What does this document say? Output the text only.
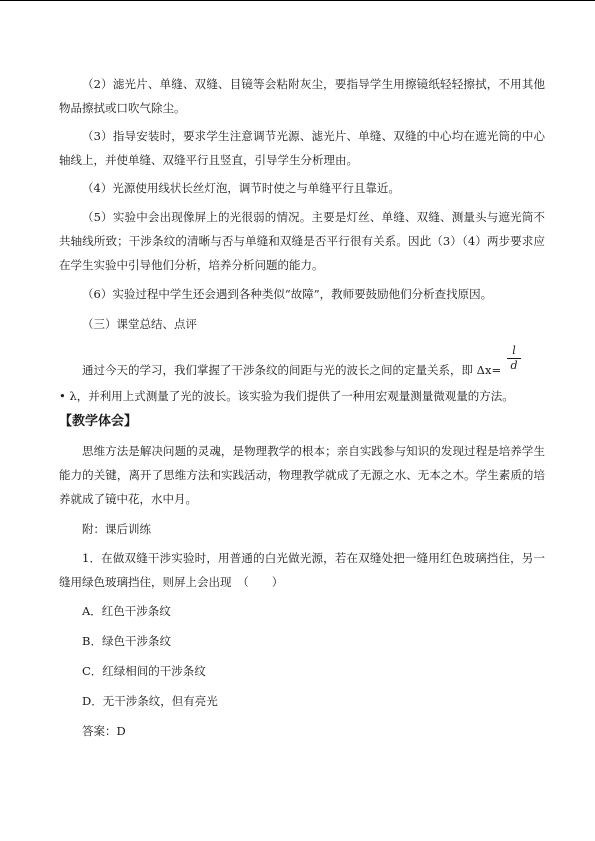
（2）滤光片、单缝、双缝、目镜等会粘附灰尘，要指导学生用擦镜纸轻轻擦拭，不用其他物品擦拭或口吹气除尘。

（3）指导安装时，要求学生注意调节光源、滤光片、单缝、双缝的中心均在遮光筒的中心轴线上，并使单缝、双缝平行且竖直，引导学生分析理由。

（4）光源使用线状长丝灯泡，调节时使之与单缝平行且靠近。

（5）实验中会出现像屏上的光很弱的情况。主要是灯丝、单缝、双缝、测量头与遮光筒不共轴线所致；干涉条纹的清晰与否与单缝和双缝是否平行很有关系。因此（3）（4）两步要求应在学生实验中引导他们分析，培养分析问题的能力。

（6）实验过程中学生还会遇到各种类似“故障”，教师要鼓励他们分析查找原因。

（三）课堂总结、点评

通过今天的学习，我们掌握了干涉条纹的间距与光的波长之间的定量关系，即 $\Delta x= \frac{l}{d}$
• λ，并利用上式测量了光的波长。该实验为我们提供了一种用宏观量测量微观量的方法。

【教学体会】

思维方法是解决问题的灵魂，是物理教学的根本；亲自实践参与知识的发现过程是培养学生能力的关键，离开了思维方法和实践活动，物理教学就成了无源之水、无本之木。学生素质的培养就成了镜中花，水中月。

附：课后训练

1．在做双缝干涉实验时，用普通的白光做光源，若在双缝处把一缝用红色玻璃挡住，另一缝用绿色玻璃挡住，则屏上会出现　（　　）

A．红色干涉条纹

B．绿色干涉条纹

C．红绿相间的干涉条纹

D．无干涉条纹，但有亮光

答案：D
